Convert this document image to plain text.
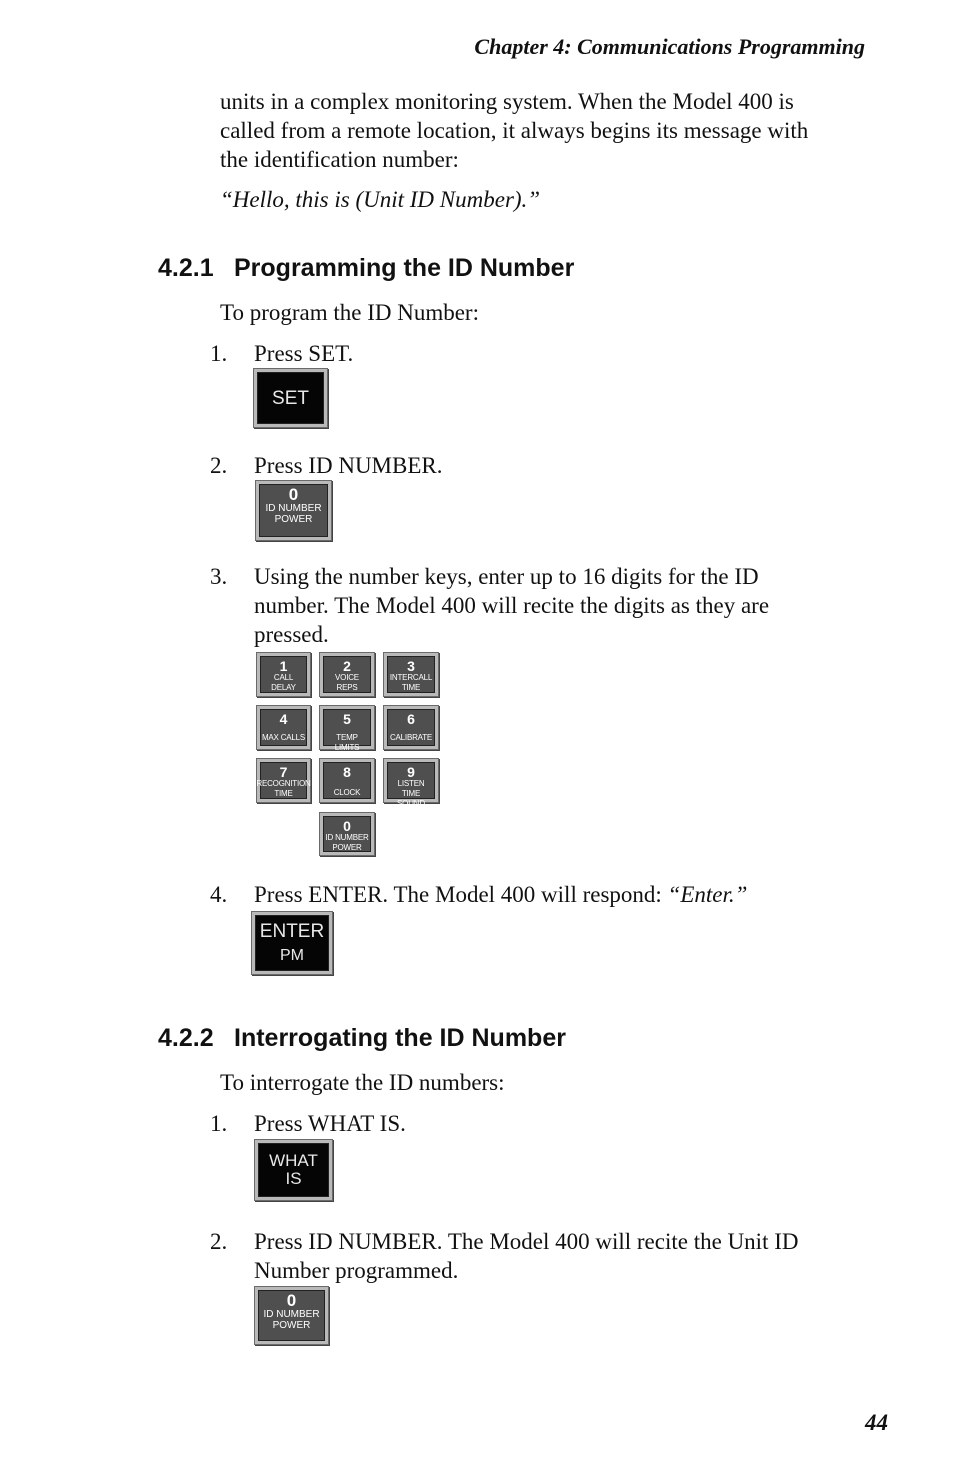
Chapter 4: Communications Programming
units in a complex monitoring system. When the Model 400 is
called from a remote location, it always begins its message with
the identification number:
“Hello, this is (Unit ID Number).”
4.2.1 Programming the ID Number
To program the ID Number:
1. Press SET.
SET
2. Press ID NUMBER.
0
ID NUMBER
POWER
3. Using the number keys, enter up to 16 digits for the ID
number. The Model 400 will recite the digits as they are
pressed.
1
CALL
DELAY
2
VOICE
REPS
3
INTERCALL
TIME
4
MAX CALLS
5
TEMP LIMITS
6
CALIBRATE
7
RECOGNITION
TIME
8
CLOCK
9
LISTEN TIME
SOUND
0
ID NUMBER
POWER
4. Press ENTER. The Model 400 will respond: “Enter.”
ENTER
PM
4.2.2 Interrogating the ID Number
To interrogate the ID numbers:
1. Press WHAT IS.
WHAT
IS
2. Press ID NUMBER. The Model 400 will recite the Unit ID
Number programmed.
0
ID NUMBER
POWER
44
